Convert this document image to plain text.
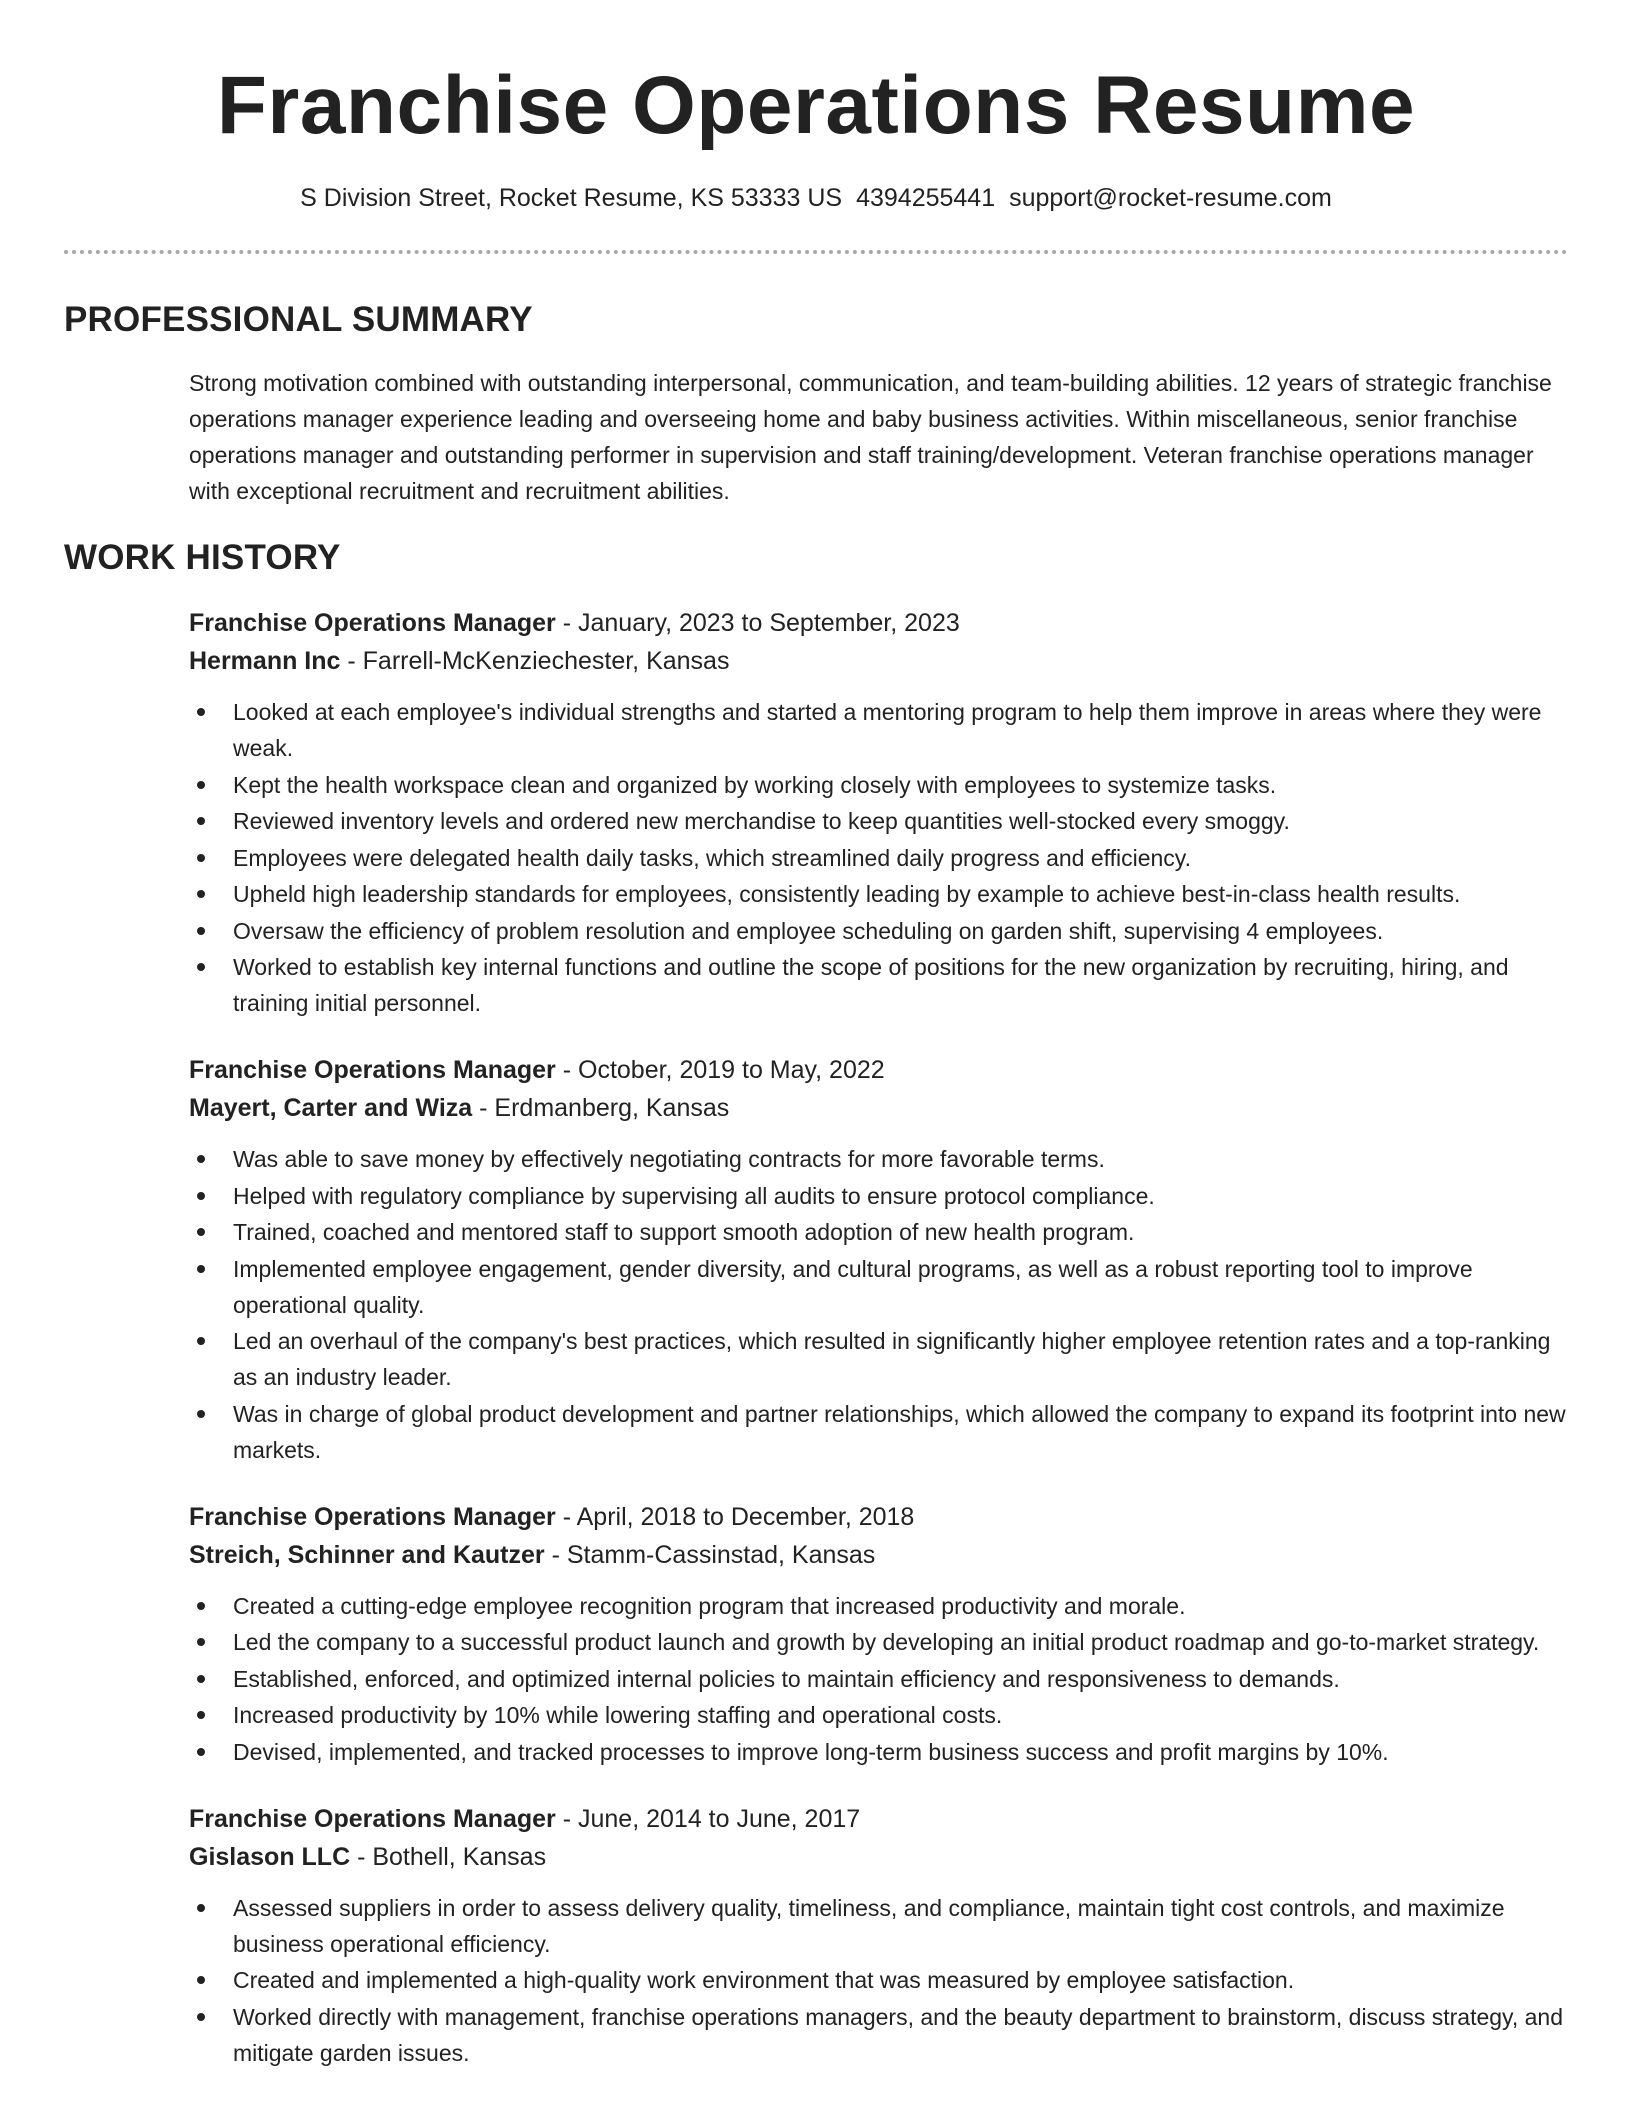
Franchise Operations Resume
S Division Street, Rocket Resume, KS 53333 US 4394255441 support@rocket-resume.com
PROFESSIONAL SUMMARY
Strong motivation combined with outstanding interpersonal, communication, and team-building abilities. 12 years of strategic franchise operations manager experience leading and overseeing home and baby business activities. Within miscellaneous, senior franchise operations manager and outstanding performer in supervision and staff training/development. Veteran franchise operations manager with exceptional recruitment and recruitment abilities.
WORK HISTORY
Franchise Operations Manager - January, 2023 to September, 2023
Hermann Inc - Farrell-McKenziechester, Kansas
Looked at each employee's individual strengths and started a mentoring program to help them improve in areas where they were weak.
Kept the health workspace clean and organized by working closely with employees to systemize tasks.
Reviewed inventory levels and ordered new merchandise to keep quantities well-stocked every smoggy.
Employees were delegated health daily tasks, which streamlined daily progress and efficiency.
Upheld high leadership standards for employees, consistently leading by example to achieve best-in-class health results.
Oversaw the efficiency of problem resolution and employee scheduling on garden shift, supervising 4 employees.
Worked to establish key internal functions and outline the scope of positions for the new organization by recruiting, hiring, and training initial personnel.
Franchise Operations Manager - October, 2019 to May, 2022
Mayert, Carter and Wiza - Erdmanberg, Kansas
Was able to save money by effectively negotiating contracts for more favorable terms.
Helped with regulatory compliance by supervising all audits to ensure protocol compliance.
Trained, coached and mentored staff to support smooth adoption of new health program.
Implemented employee engagement, gender diversity, and cultural programs, as well as a robust reporting tool to improve operational quality.
Led an overhaul of the company's best practices, which resulted in significantly higher employee retention rates and a top-ranking as an industry leader.
Was in charge of global product development and partner relationships, which allowed the company to expand its footprint into new markets.
Franchise Operations Manager - April, 2018 to December, 2018
Streich, Schinner and Kautzer - Stamm-Cassinstad, Kansas
Created a cutting-edge employee recognition program that increased productivity and morale.
Led the company to a successful product launch and growth by developing an initial product roadmap and go-to-market strategy.
Established, enforced, and optimized internal policies to maintain efficiency and responsiveness to demands.
Increased productivity by 10% while lowering staffing and operational costs.
Devised, implemented, and tracked processes to improve long-term business success and profit margins by 10%.
Franchise Operations Manager - June, 2014 to June, 2017
Gislason LLC - Bothell, Kansas
Assessed suppliers in order to assess delivery quality, timeliness, and compliance, maintain tight cost controls, and maximize business operational efficiency.
Created and implemented a high-quality work environment that was measured by employee satisfaction.
Worked directly with management, franchise operations managers, and the beauty department to brainstorm, discuss strategy, and mitigate garden issues.
